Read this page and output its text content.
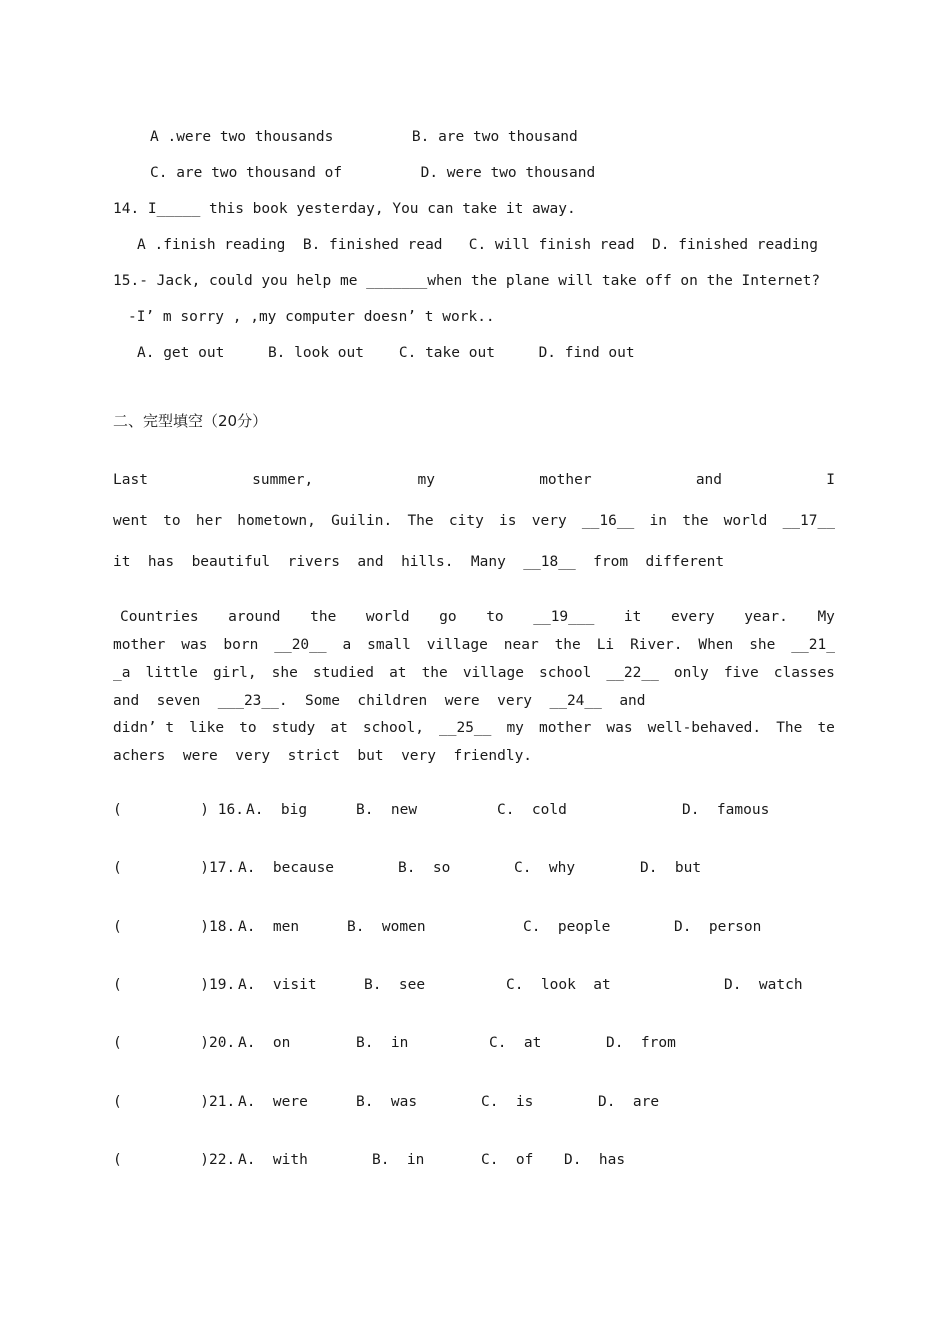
A .were two thousands         B. are two thousand
C. are two thousand of         D. were two thousand
14. I_____ this book yesterday, You can take it away.
A .finish reading  B. finished read   C. will finish read  D. finished reading
15.- Jack, could you help me _______when the plane will take off on the Internet?
-I’ m sorry , ,my computer doesn’ t work..
A. get out     B. look out    C. take out     D. find out
二、完型填空（20分）
Last	summer,	my	mother	and	I
went to her hometown, Guilin. The city is very __16__ in the world __17__
it  has  beautiful  rivers  and  hills.  Many  __18__  from  different
Countries around the world go to __19___ it every year. My
mother was born __20__ a small village near the Li River. When she __21_
_a little girl, she studied at the village school __22__ only five classes
and  seven  ___23__.  Some  children  were  very  __24__  and
didn’ t like to study at school, __25__ my mother was well-behaved. The te
achers  were  very  strict  but  very  friendly.
(         ) 16. A.  big	B.  new	C.  cold	D.  famous
(         )17. A.  because	B.  so	C.  why	D.  but
(         )18. A.  men	B.  women	C.  people	D.  person
(         )19. A.  visit	B.  see	C.  look  at	D.  watch
(         )20. A.  on	B.  in	C.  at	D.  from
(         )21. A.  were	B.  was	C.  is	D.  are
(         )22. A.  with	B.  in	C.  of D.  has
